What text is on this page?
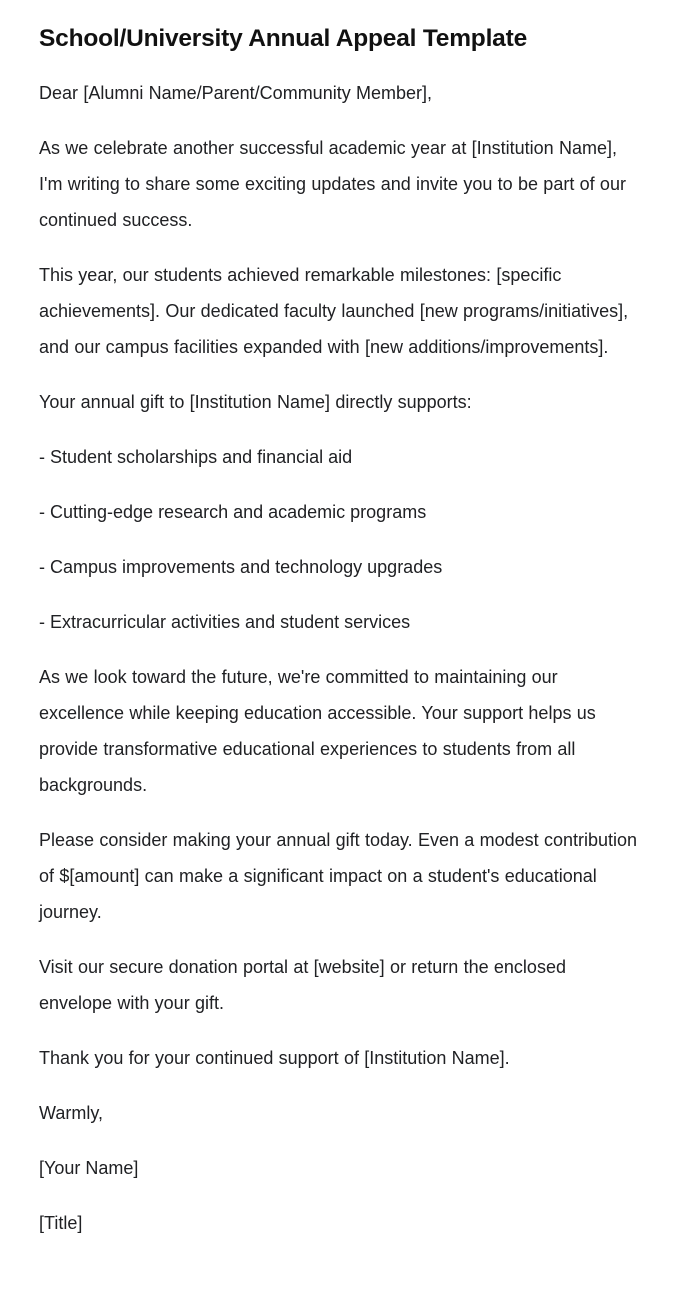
School/University Annual Appeal Template

Dear [Alumni Name/Parent/Community Member],

As we celebrate another successful academic year at [Institution Name], I'm writing to share some exciting updates and invite you to be part of our continued success.

This year, our students achieved remarkable milestones: [specific achievements]. Our dedicated faculty launched [new programs/initiatives], and our campus facilities expanded with [new additions/improvements].

Your annual gift to [Institution Name] directly supports:

- Student scholarships and financial aid

- Cutting-edge research and academic programs

- Campus improvements and technology upgrades

- Extracurricular activities and student services

As we look toward the future, we're committed to maintaining our excellence while keeping education accessible. Your support helps us provide transformative educational experiences to students from all backgrounds.

Please consider making your annual gift today. Even a modest contribution of $[amount] can make a significant impact on a student's educational journey.

Visit our secure donation portal at [website] or return the enclosed envelope with your gift.

Thank you for your continued support of [Institution Name].

Warmly,

[Your Name]

[Title]
